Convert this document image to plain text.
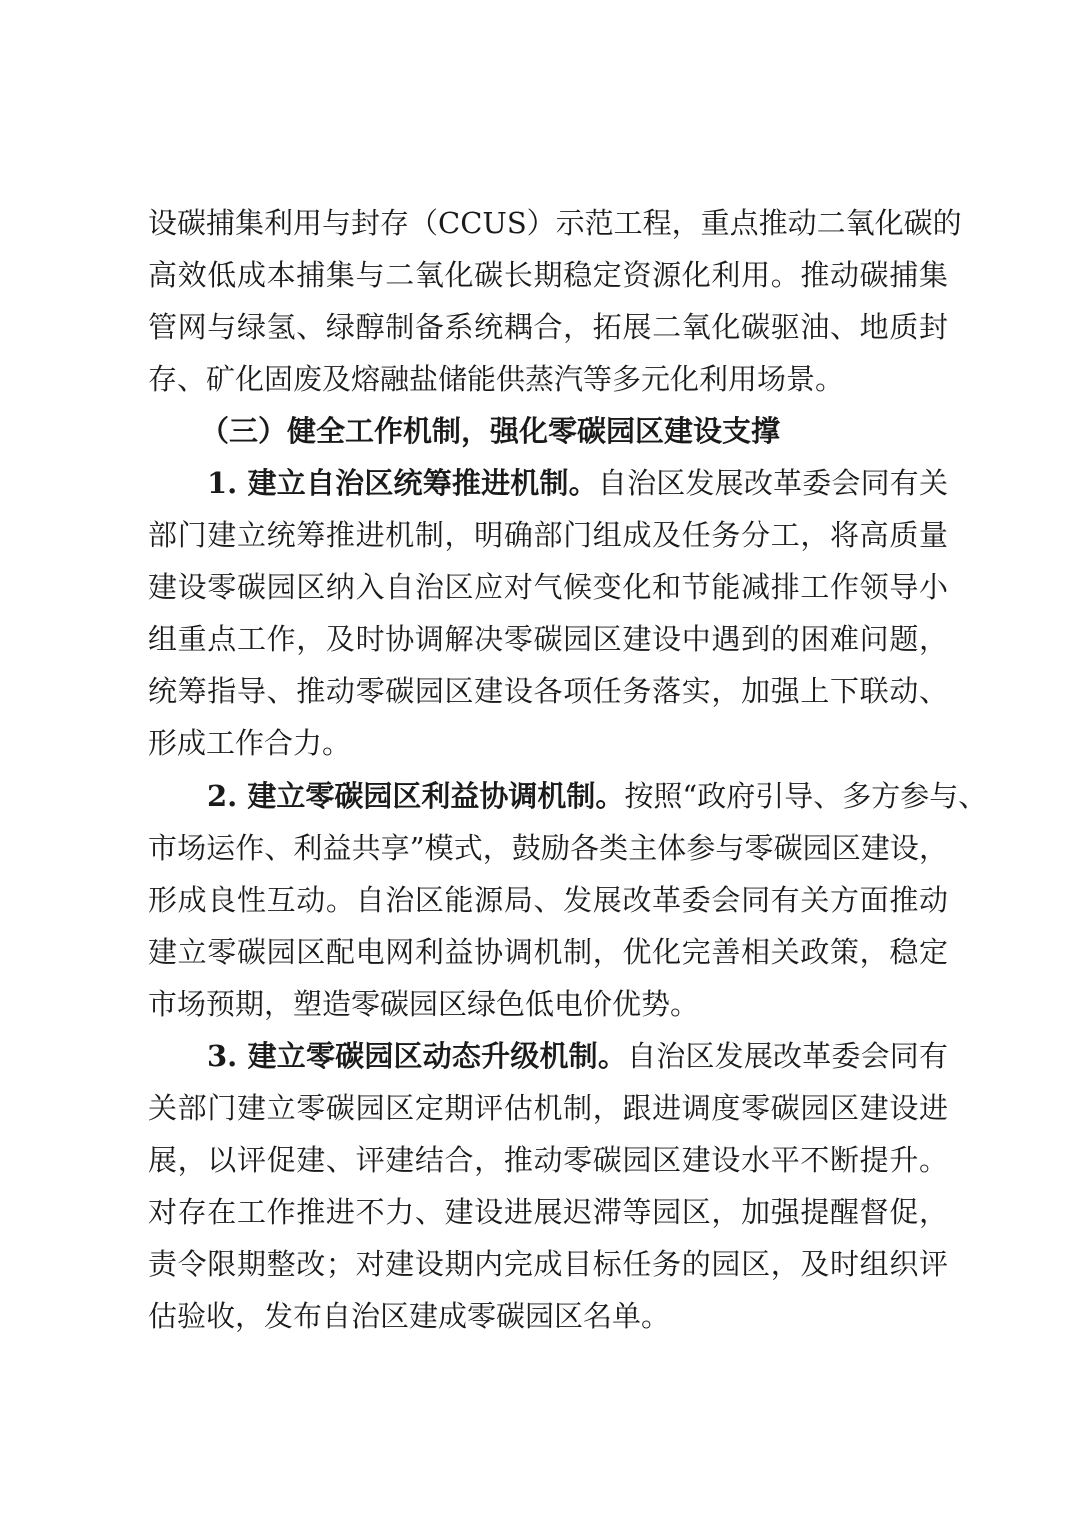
设碳捕集利用与封存（CCUS）示范工程，重点推动二氧化碳的
高效低成本捕集与二氧化碳长期稳定资源化利用。推动碳捕集
管网与绿氢、绿醇制备系统耦合，拓展二氧化碳驱油、地质封
存、矿化固废及熔融盐储能供蒸汽等多元化利用场景。
（三）健全工作机制，强化零碳园区建设支撑
1. 建立自治区统筹推进机制。自治区发展改革委会同有关
部门建立统筹推进机制，明确部门组成及任务分工，将高质量
建设零碳园区纳入自治区应对气候变化和节能减排工作领导小
组重点工作，及时协调解决零碳园区建设中遇到的困难问题，
统筹指导、推动零碳园区建设各项任务落实，加强上下联动、
形成工作合力。
2. 建立零碳园区利益协调机制。按照“政府引导、多方参与、
市场运作、利益共享”模式，鼓励各类主体参与零碳园区建设，
形成良性互动。自治区能源局、发展改革委会同有关方面推动
建立零碳园区配电网利益协调机制，优化完善相关政策，稳定
市场预期，塑造零碳园区绿色低电价优势。
3. 建立零碳园区动态升级机制。自治区发展改革委会同有
关部门建立零碳园区定期评估机制，跟进调度零碳园区建设进
展，以评促建、评建结合，推动零碳园区建设水平不断提升。
对存在工作推进不力、建设进展迟滞等园区，加强提醒督促，
责令限期整改；对建设期内完成目标任务的园区，及时组织评
估验收，发布自治区建成零碳园区名单。
